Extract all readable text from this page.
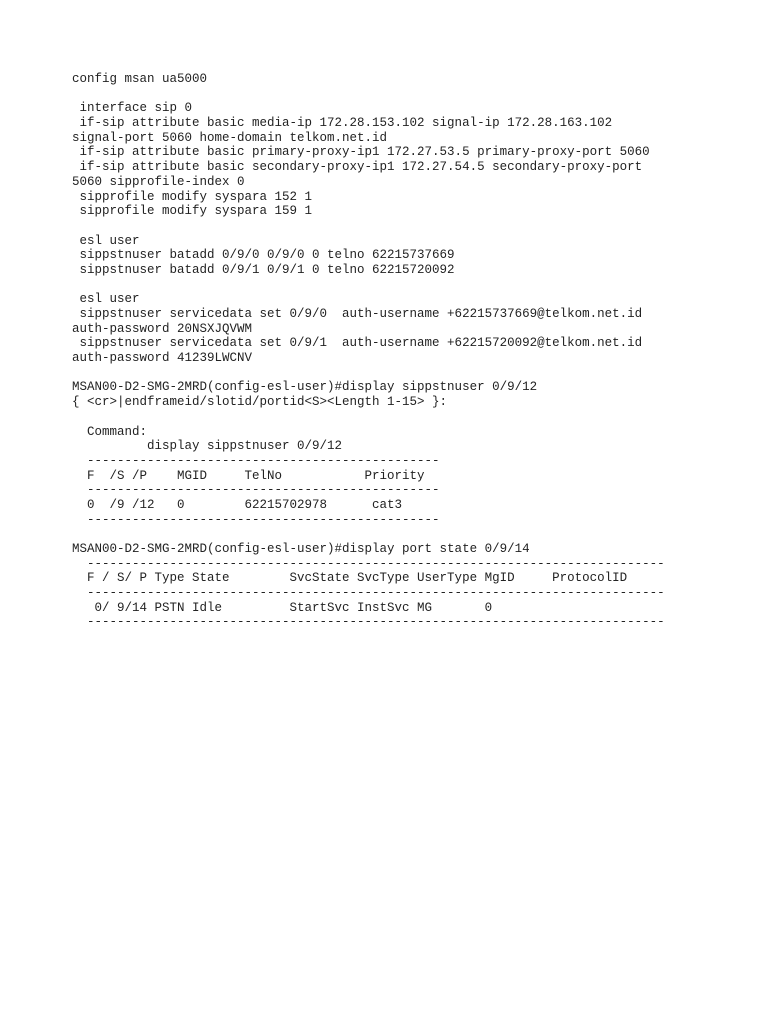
config msan ua5000
interface sip 0
if-sip attribute basic media-ip 172.28.153.102 signal-ip 172.28.163.102
signal-port 5060 home-domain telkom.net.id
if-sip attribute basic primary-proxy-ip1 172.27.53.5 primary-proxy-port 5060
if-sip attribute basic secondary-proxy-ip1 172.27.54.5 secondary-proxy-port
5060 sipprofile-index 0
sipprofile modify syspara 152 1
sipprofile modify syspara 159 1
esl user
sippstnuser batadd 0/9/0 0/9/0 0 telno 62215737669
sippstnuser batadd 0/9/1 0/9/1 0 telno 62215720092
esl user
sippstnuser servicedata set 0/9/0  auth-username +62215737669@telkom.net.id
auth-password 20NSXJQVWM
sippstnuser servicedata set 0/9/1  auth-username +62215720092@telkom.net.id
auth-password 41239LWCNV
MSAN00-D2-SMG-2MRD(config-esl-user)#display sippstnuser 0/9/12
{ <cr>|endframeid/slotid/portid<S><Length 1-15> }:
Command:
display sippstnuser 0/9/12
-----------------------------------------------
F  /S /P    MGID     TelNo           Priority
-----------------------------------------------
0  /9 /12   0        62215702978      cat3
-----------------------------------------------
MSAN00-D2-SMG-2MRD(config-esl-user)#display port state 0/9/14
-----------------------------------------------------------------------------
F / S/ P Type State        SvcState SvcType UserType MgID     ProtocolID
-----------------------------------------------------------------------------
0/ 9/14 PSTN Idle         StartSvc InstSvc MG       0
-----------------------------------------------------------------------------
